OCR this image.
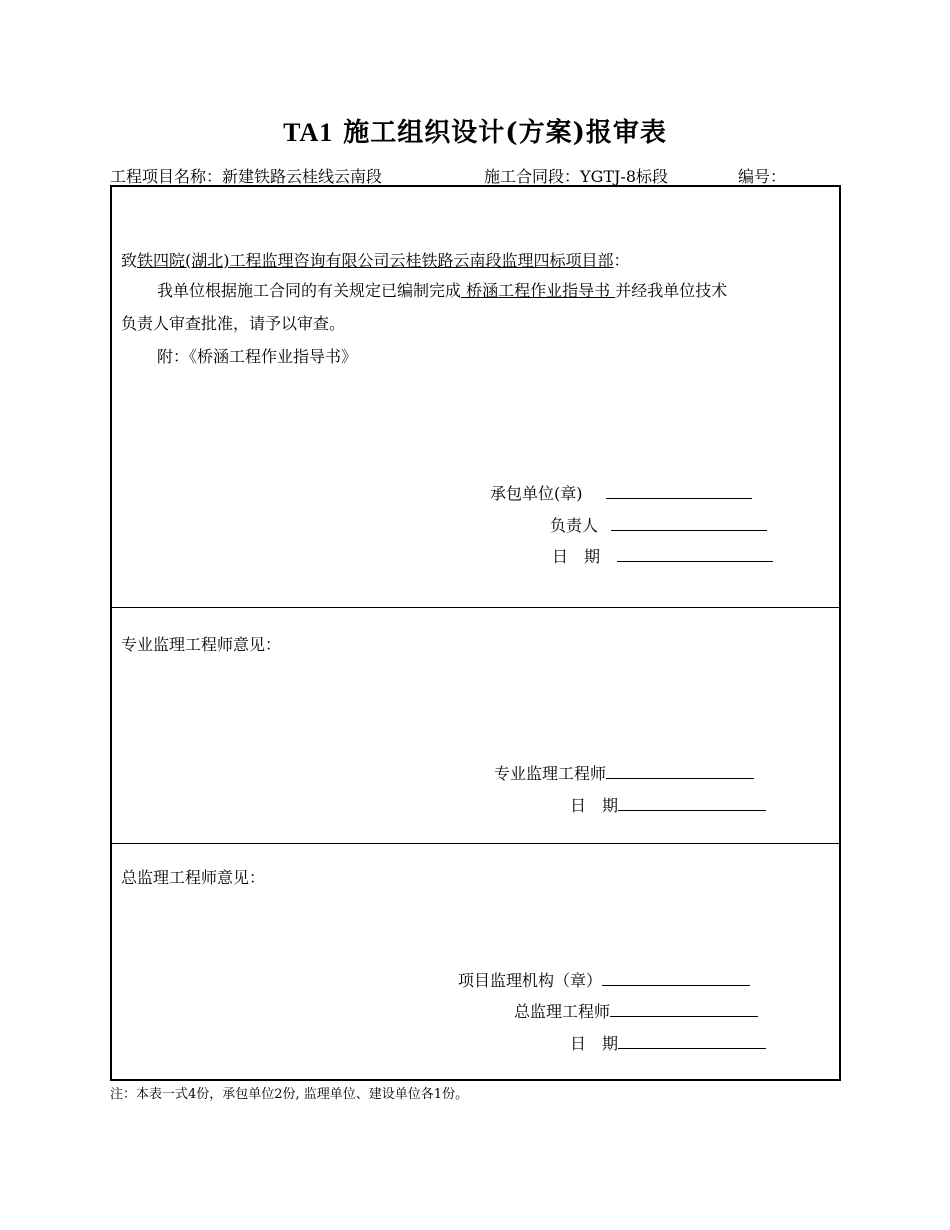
TA1 施工组织设计(方案)报审表
工程项目名称：新建铁路云桂线云南段	施工合同段：YGTJ-8标段	编号：
致铁四院(湖北)工程监理咨询有限公司云桂铁路云南段监理四标项目部：
我单位根据施工合同的有关规定已编制完成 桥涵工程作业指导书 并经我单位技术
负责人审查批准，请予以审查。
附：《桥涵工程作业指导书》
承包单位(章)
负责人
日　期
专业监理工程师意见：
专业监理工程师
日　期
总监理工程师意见：
项目监理机构（章）
总监理工程师
日　期
注：本表一式4份，承包单位2份, 监理单位、建设单位各1份。
